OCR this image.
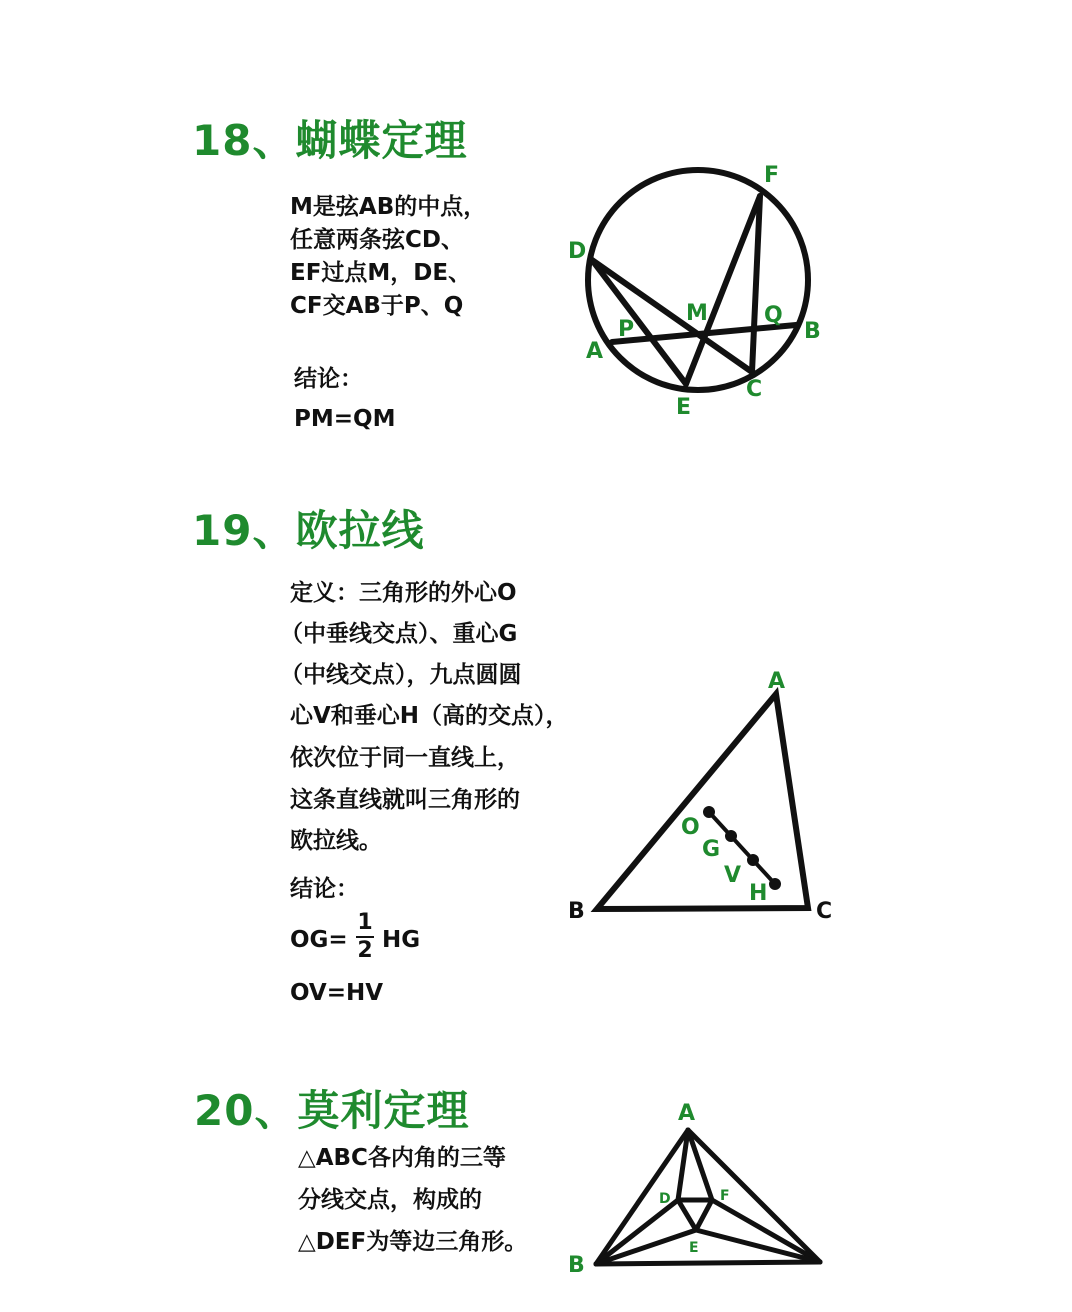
18、蝴蝶定理
M是弦AB的中点，
任意两条弦CD、
EF过点M，DE、
CF交AB于P、Q
结论：
PM=QM
19、欧拉线
定义：三角形的外心O
（中垂线交点）、重心G
（中线交点），九点圆圆
心V和垂心H（高的交点），
依次位于同一直线上，
这条直线就叫三角形的
欧拉线。
结论：
OG=
1
2 HG
OV=HV
20、莫利定理
△ABC各内角的三等
分线交点，构成的
△DEF为等边三角形。
D
F
M	Q
B
P
A
E
C
A
B	C
O
G
V
H
A
B
D	F
E
